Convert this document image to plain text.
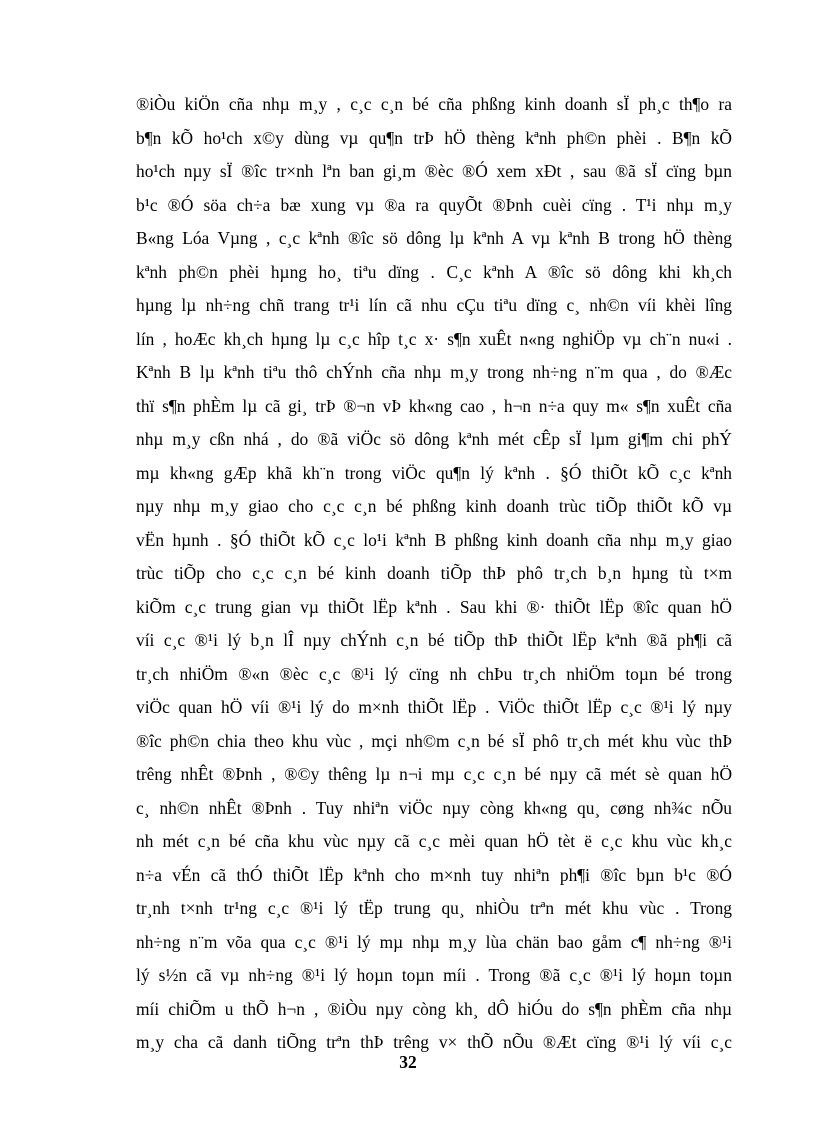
®iÒu kiÖn cña nhµ m¸y , c¸c c¸n bé cña phßng kinh doanh sÏ ph¸c th¶o ra
b¶n kÕ ho¹ch x©y dùng vµ qu¶n trÞ hÖ thèng kªnh ph©n phèi . B¶n kÕ
ho¹ch nµy sÏ ®îc tr×nh lªn ban gi¸m ®èc ®Ó xem xÐt , sau ®ã sÏ cïng bµn
b¹c ®Ó söa ch÷a bæ xung vµ ®a ra quyÕt ®Þnh cuèi cïng . T¹i nhµ m¸y
B«ng Lóa Vµng , c¸c kªnh ®îc sö dông lµ kªnh A vµ kªnh B trong hÖ thèng
kªnh ph©n phèi hµng ho¸ tiªu dïng . C¸c kªnh A ®îc sö dông khi kh¸ch
hµng lµ nh÷ng chñ trang tr¹i lín cã nhu cÇu tiªu dïng c¸ nh©n víi khèi lîng
lín , hoÆc kh¸ch hµng lµ c¸c hîp t¸c x· s¶n xuÊt n«ng nghiÖp vµ ch¨n nu«i .
Kªnh B lµ kªnh tiªu thô chÝnh cña nhµ m¸y trong nh÷ng n¨m qua , do ®Æc
thï s¶n phÈm lµ cã gi¸ trÞ ®¬n vÞ kh«ng cao , h¬n n÷a quy m« s¶n xuÊt cña
nhµ m¸y cßn nhá , do ®ã viÖc sö dông kªnh mét cÊp sÏ lµm gi¶m chi phÝ
mµ kh«ng gÆp khã kh¨n trong viÖc qu¶n lý kªnh . §Ó thiÕt kÕ c¸c kªnh
nµy nhµ m¸y giao cho c¸c c¸n bé phßng kinh doanh trùc tiÕp thiÕt kÕ vµ
vËn hµnh . §Ó thiÕt kÕ c¸c lo¹i kªnh B phßng kinh doanh cña nhµ m¸y giao
trùc tiÕp cho c¸c c¸n bé kinh doanh tiÕp thÞ phô tr¸ch b¸n hµng tù t×m
kiÕm c¸c trung gian vµ thiÕt lËp kªnh . Sau khi ®· thiÕt lËp ®îc quan hÖ
víi c¸c ®¹i lý b¸n lÎ nµy chÝnh c¸n bé tiÕp thÞ thiÕt lËp kªnh ®ã ph¶i cã
tr¸ch nhiÖm ®«n ®èc c¸c ®¹i lý cïng nh chÞu tr¸ch nhiÖm toµn bé trong
viÖc quan hÖ víi ®¹i lý do m×nh thiÕt lËp . ViÖc thiÕt lËp c¸c ®¹i lý nµy
®îc ph©n chia theo khu vùc , mçi nh©m c¸n bé sÏ phô tr¸ch mét khu vùc thÞ
trêng nhÊt ®Þnh , ®©y thêng lµ n¬i mµ c¸c c¸n bé nµy cã mét sè quan hÖ
c¸ nh©n nhÊt ®Þnh . Tuy nhiªn viÖc nµy còng kh«ng qu¸ cøng nh¾c nÕu
nh mét c¸n bé cña khu vùc nµy cã c¸c mèi quan hÖ tèt ë c¸c khu vùc kh¸c
n÷a vÉn cã thÓ thiÕt lËp kªnh cho m×nh tuy nhiªn ph¶i ®îc bµn b¹c ®Ó
tr¸nh t×nh tr¹ng c¸c ®¹i lý tËp trung qu¸ nhiÒu trªn mét khu vùc . Trong
nh÷ng n¨m võa qua c¸c ®¹i lý mµ nhµ m¸y lùa chän bao gåm c¶ nh÷ng ®¹i
lý s½n cã vµ nh÷ng ®¹i lý hoµn toµn míi . Trong ®ã c¸c ®¹i lý hoµn toµn
míi chiÕm u thÕ h¬n , ®iÒu nµy còng kh¸ dÔ hiÓu do s¶n phÈm cña nhµ
m¸y cha cã danh tiÕng trªn thÞ trêng v× thÕ nÕu ®Æt cïng ®¹i lý víi c¸c
32
